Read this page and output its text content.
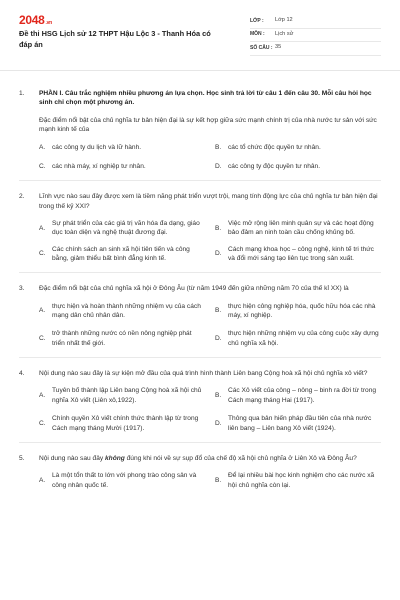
2048.vn
Đề thi HSG Lịch sử 12 THPT Hậu Lộc 3 - Thanh Hóa có đáp án
LỚP :	Lớp 12
MÔN :	Lịch sử
SỐ CÂU : 35
1.	PHẦN I. Câu trắc nghiệm nhiều phương án lựa chọn. Học sinh trả lời từ câu 1 đến câu 30. Mỗi câu hỏi học sinh chỉ chọn một phương án.
Đặc điểm nổi bật của chủ nghĩa tư bản hiện đại là sự kết hợp giữa sức mạnh chính trị của nhà nước tư sản với sức mạnh kinh tế của
A.	các công ty du lịch và lữ hành.	B.	các tổ chức độc quyền tư nhân.
C. các nhà máy, xí nghiệp tư nhân.	D. các công ty độc quyền tư nhân.
2.	Lĩnh vực nào sau đây được xem là tiềm năng phát triển vượt trội, mang tính động lực của chủ nghĩa tư bản hiện đại trong thế kỷ XXI?
A.
Sự phát triển của các giá trị văn hóa đa dạng, giáo dục toàn diện và nghệ thuật đương đại.
B.
Việc mở rộng liên minh quân sự và các hoạt động bảo đảm an ninh toàn cầu chống khủng bố.
C.
Các chính sách an sinh xã hội tiên tiến và công bằng, giảm thiểu bất bình đẳng kinh tế.
D.
Cách mạng khoa học – công nghệ, kinh tế tri thức và đổi mới sáng tạo liên tục trong sản xuất.
3.	Đặc điểm nổi bật của chủ nghĩa xã hội ở Đông Âu (từ năm 1949 đến giữa những năm 70 của thế kỉ XX) là
A.
thực hiện và hoàn thành những nhiệm vụ của cách mạng dân chủ nhân dân.
B.
thực hiện công nghiệp hóa, quốc hữu hóa các nhà máy, xí nghiệp.
C.
trở thành những nước có nền nông nghiệp phát triển nhất thế giới.
D.
thực hiện những nhiệm vụ của công cuộc xây dựng chủ nghĩa xã hội.
4.	Nội dung nào sau đây là sự kiện mở đầu của quá trình hình thành Liên bang Cộng hoà xã hội chủ nghĩa xô viết?
A.
Tuyên bố thành lập Liên bang Cộng hoà xã hội chủ nghĩa Xô viết (Liên xô,1922).
B.
Các Xô viết của công – nông – binh ra đời từ trong Cách mạng tháng Hai (1917).
C.
Chính quyền Xô viết chính thức thành lập từ trong Cách mạng tháng Mười (1917).
D.
Thông qua bản hiến pháp đầu tiên của nhà nước liên bang – Liên bang Xô viết (1924).
5.	Nội dung nào sau đây không đúng khi nói về sự sụp đổ của chế độ xã hội chủ nghĩa ở Liên Xô và Đông Âu?
A.
Là một tổn thất to lớn với phong trào công sản và công nhân quốc tế.
B.
Để lại nhiều bài học kinh nghiệm cho các nước xã hội chủ nghĩa còn lại.
